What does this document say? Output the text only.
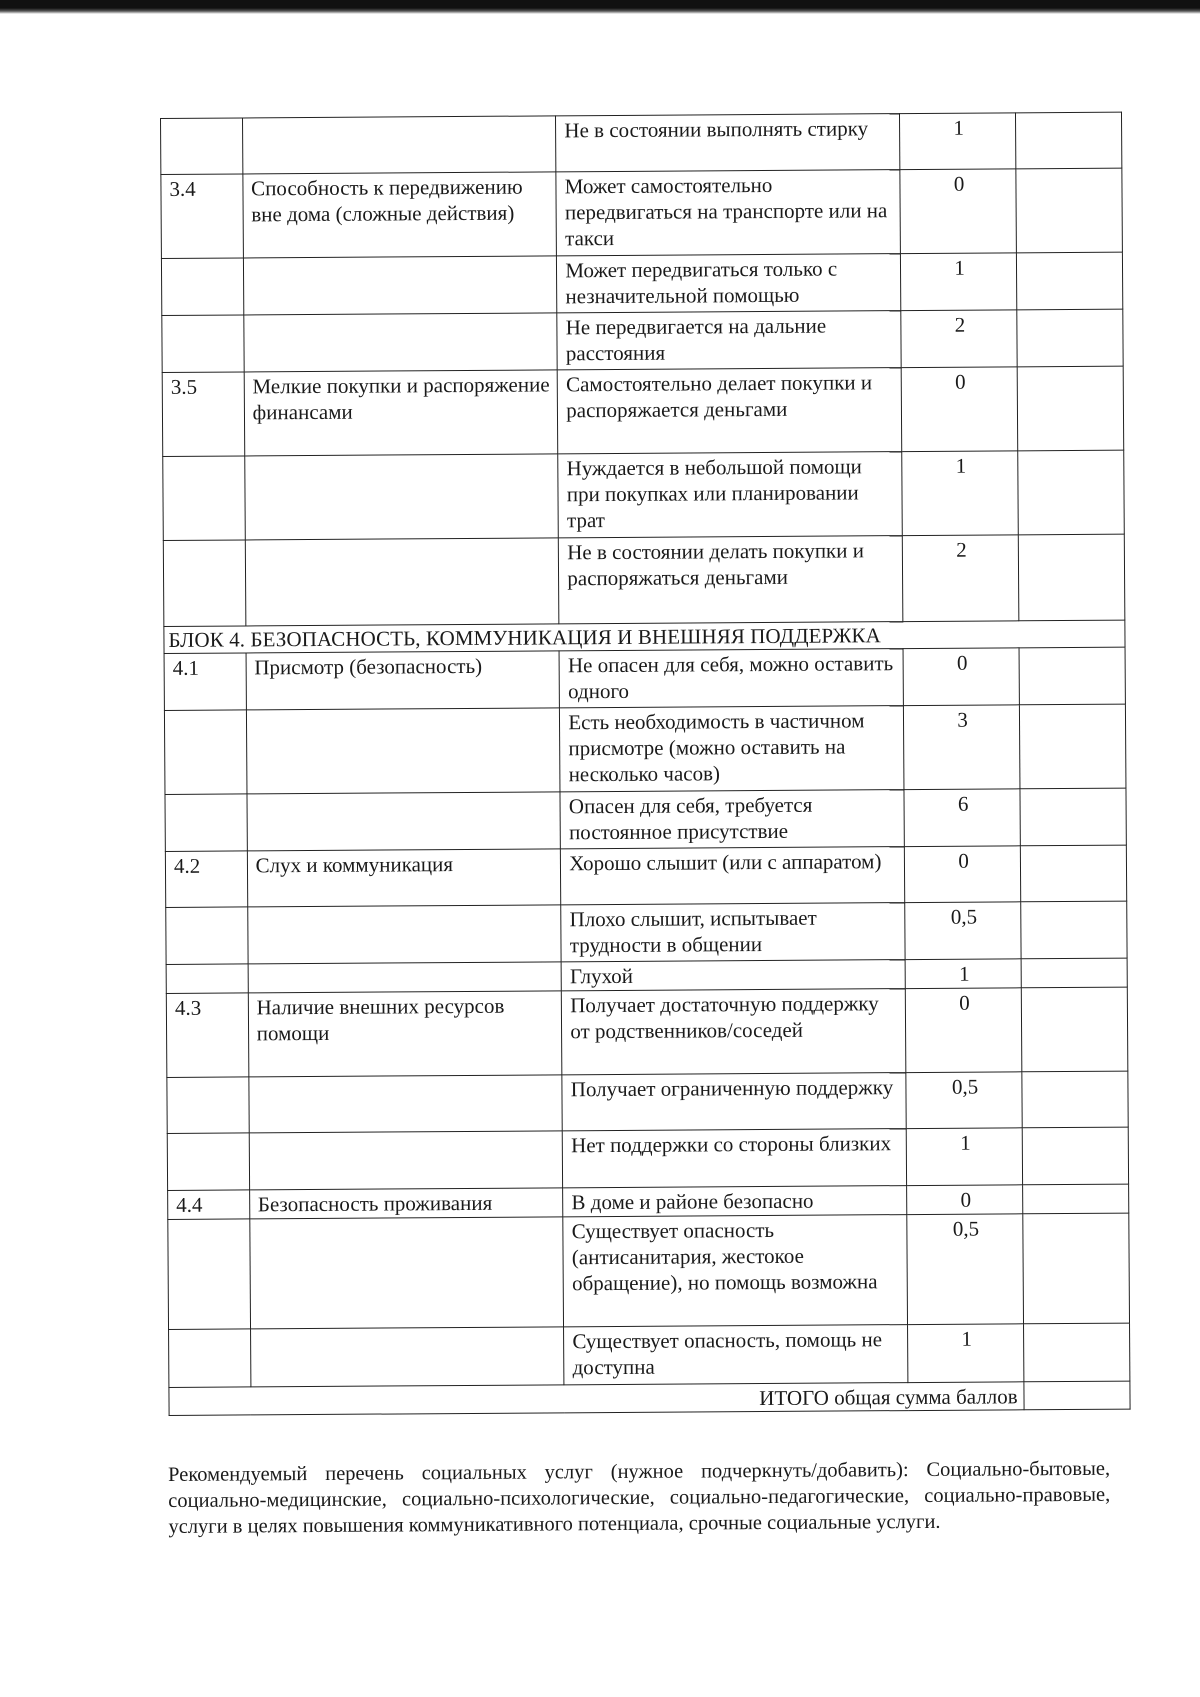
		Не в состоянии выполнять стирку	1	
3.4	Способность к передвижению вне дома (сложные действия)	Может самостоятельно передвигаться на транспорте или на такси	0	
		Может передвигаться только с незначительной помощью	1	
		Не передвигается на дальние расстояния	2	
3.5	Мелкие покупки и распоряжение финансами	Самостоятельно делает покупки и распоряжается деньгами	0	
		Нуждается в небольшой помощи при покупках или планировании трат	1	
		Не в состоянии делать покупки и распоряжаться деньгами	2	
БЛОК 4. БЕЗОПАСНОСТЬ, КОММУНИКАЦИЯ И ВНЕШНЯЯ ПОДДЕРЖКА				
4.1	Присмотр (безопасность)	Не опасен для себя, можно оставить одного	0	
		Есть необходимость в частичном присмотре (можно оставить на несколько часов)	3	
		Опасен для себя, требуется постоянное присутствие	6	
4.2	Слух и коммуникация	Хорошо слышит (или с аппаратом)	0	
		Плохо слышит, испытывает трудности в общении	0,5	
		Глухой	1	
4.3	Наличие внешних ресурсов помощи	Получает достаточную поддержку от родственников/соседей	0	
		Получает ограниченную поддержку	0,5	
		Нет поддержки со стороны близких	1	
4.4	Безопасность проживания	В доме и районе безопасно	0	
		Существует опасность (антисанитария, жестокое обращение), но помощь возможна	0,5	
		Существует опасность, помощь не доступна	1	
ИТОГО общая сумма баллов				
Рекомендуемый перечень социальных услуг (нужное подчеркнуть/добавить): Социально-бытовые, социально-медицинские, социально-психологические, социально-педагогические, социально-правовые, услуги в целях повышения коммуникативного потенциала, срочные социальные услуги.
